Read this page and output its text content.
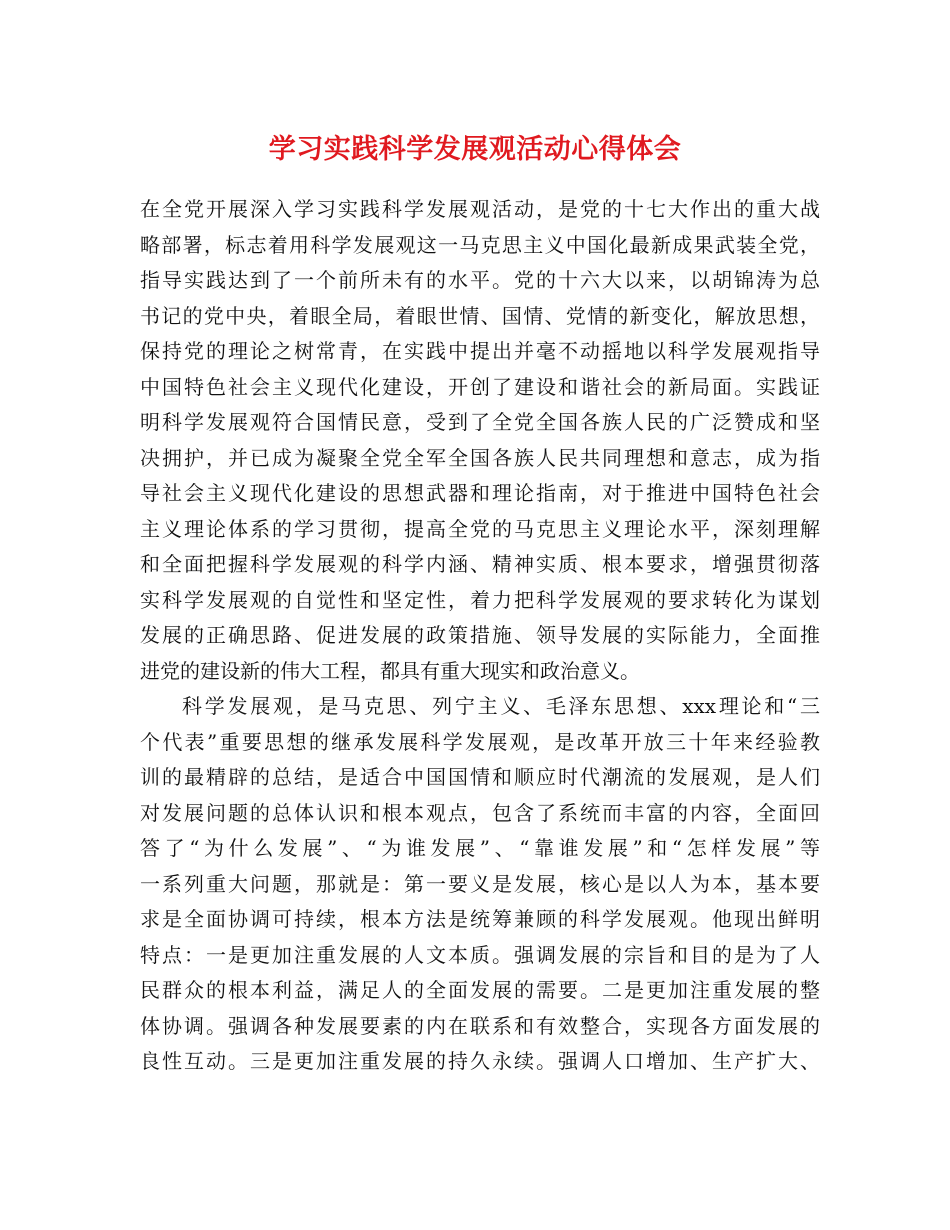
学习实践科学发展观活动心得体会
在全党开展深入学习实践科学发展观活动，是党的十七大作出的重大战
略部署，标志着用科学发展观这一马克思主义中国化最新成果武装全党，
指导实践达到了一个前所未有的水平。党的十六大以来，以胡锦涛为总
书记的党中央，着眼全局，着眼世情、国情、党情的新变化，解放思想，
保持党的理论之树常青，在实践中提出并毫不动摇地以科学发展观指导
中国特色社会主义现代化建设，开创了建设和谐社会的新局面。实践证
明科学发展观符合国情民意，受到了全党全国各族人民的广泛赞成和坚
决拥护，并已成为凝聚全党全军全国各族人民共同理想和意志，成为指
导社会主义现代化建设的思想武器和理论指南，对于推进中国特色社会
主义理论体系的学习贯彻，提高全党的马克思主义理论水平，深刻理解
和全面把握科学发展观的科学内涵、精神实质、根本要求，增强贯彻落
实科学发展观的自觉性和坚定性，着力把科学发展观的要求转化为谋划
发展的正确思路、促进发展的政策措施、领导发展的实际能力，全面推
进党的建设新的伟大工程，都具有重大现实和政治意义。
科学发展观，是马克思、列宁主义、毛泽东思想、xxx理论和“三
个代表”重要思想的继承发展科学发展观，是改革开放三十年来经验教
训的最精辟的总结，是适合中国国情和顺应时代潮流的发展观，是人们
对发展问题的总体认识和根本观点，包含了系统而丰富的内容，全面回
答了“为什么发展”、“为谁发展”、“靠谁发展”和“怎样发展”等
一系列重大问题，那就是：第一要义是发展，核心是以人为本，基本要
求是全面协调可持续，根本方法是统筹兼顾的科学发展观。他现出鲜明
特点：一是更加注重发展的人文本质。强调发展的宗旨和目的是为了人
民群众的根本利益，满足人的全面发展的需要。二是更加注重发展的整
体协调。强调各种发展要素的内在联系和有效整合，实现各方面发展的
良性互动。三是更加注重发展的持久永续。强调人口增加、生产扩大、
